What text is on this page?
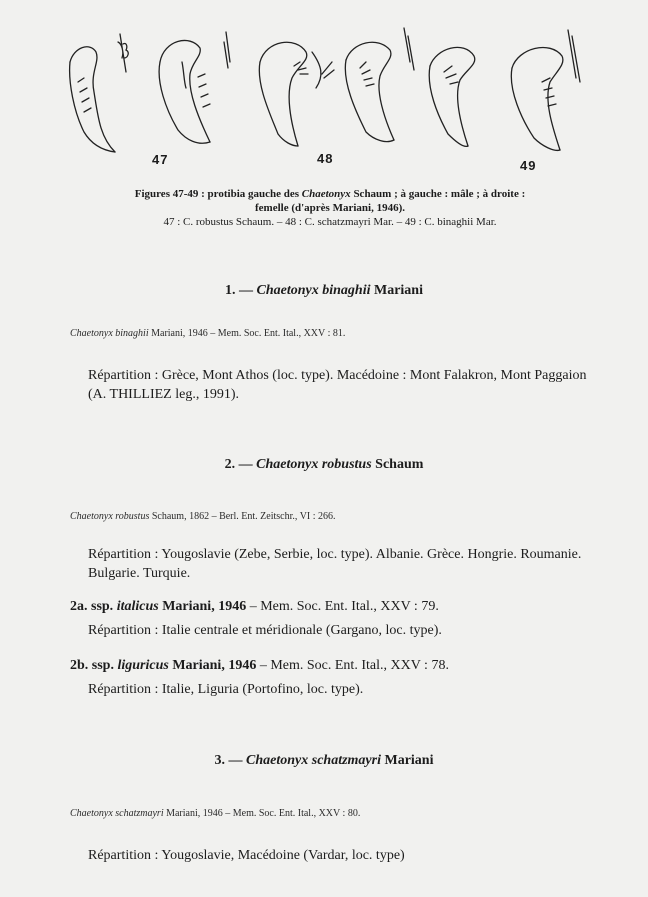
47	48	49
Figures 47-49 : protibia gauche des Chaetonyx Schaum ; à gauche : mâle ; à droite :
femelle (d'après Mariani, 1946).
47 : C. robustus Schaum. – 48 : C. schatzmayri Mar. – 49 : C. binaghii Mar.
1. — Chaetonyx binaghii Mariani
Chaetonyx binaghii Mariani, 1946 – Mem. Soc. Ent. Ital., XXV : 81.
Répartition : Grèce, Mont Athos (loc. type). Macédoine : Mont Falakron, Mont Paggaion (A. THILLIEZ leg., 1991).
2. — Chaetonyx robustus Schaum
Chaetonyx robustus Schaum, 1862 – Berl. Ent. Zeitschr., VI : 266.
Répartition : Yougoslavie (Zebe, Serbie, loc. type). Albanie. Grèce. Hongrie. Roumanie. Bulgarie. Turquie.
2a. ssp. italicus Mariani, 1946 – Mem. Soc. Ent. Ital., XXV : 79.
Répartition : Italie centrale et méridionale (Gargano, loc. type).
2b. ssp. liguricus Mariani, 1946 – Mem. Soc. Ent. Ital., XXV : 78.
Répartition : Italie, Liguria (Portofino, loc. type).
3. — Chaetonyx schatzmayri Mariani
Chaetonyx schatzmayri Mariani, 1946 – Mem. Soc. Ent. Ital., XXV : 80.
Répartition : Yougoslavie, Macédoine (Vardar, loc. type)
